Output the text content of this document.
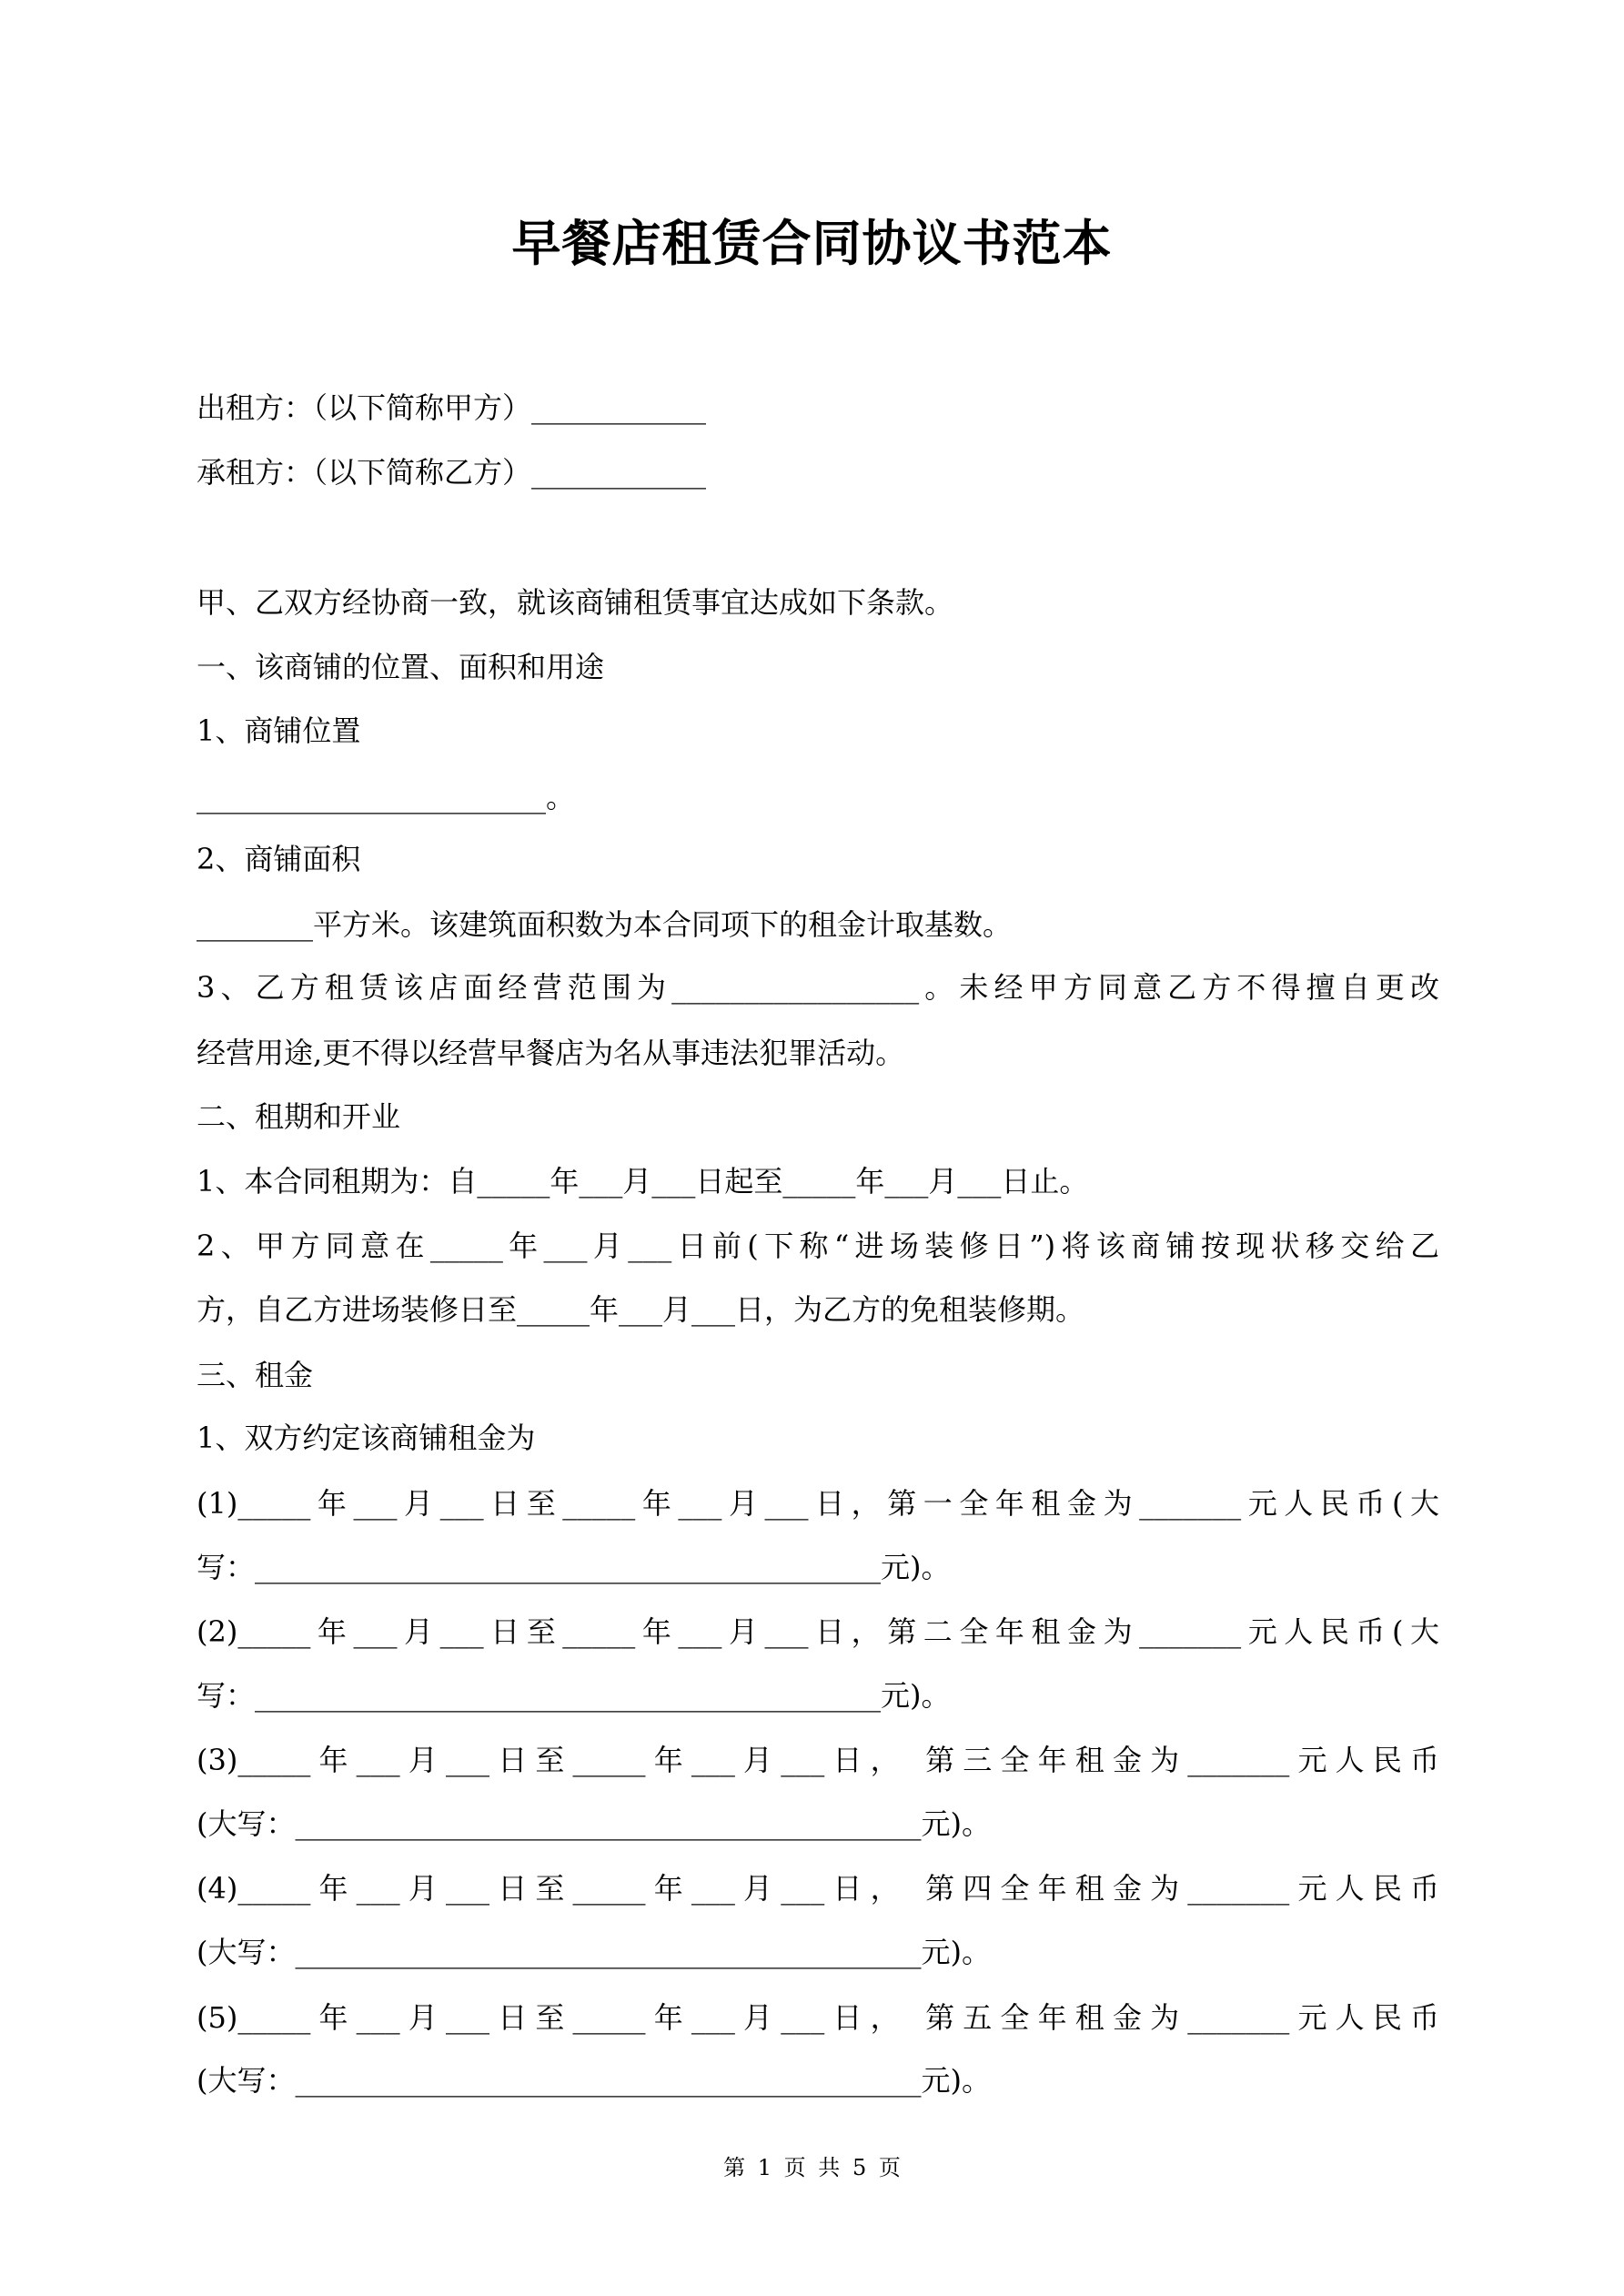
早餐店租赁合同协议书范本
出租方：（以下简称甲方）____________
承租方：（以下简称乙方）____________
甲、乙双方经协商一致，就该商铺租赁事宜达成如下条款。
一、该商铺的位置、面积和用途
1、商铺位置
________________________。
2、商铺面积
________平方米。该建筑面积数为本合同项下的租金计取基数。
3、乙方租赁该店面经营范围为_________________。未经甲方同意乙方不得擅自更改
经营用途,更不得以经营早餐店为名从事违法犯罪活动。
二、租期和开业
1、本合同租期为：自_____年___月___日起至_____年___月___日止。
2、甲方同意在_____年___月___日前(下称“进场装修日”)将该商铺按现状移交给乙
方，自乙方进场装修日至_____年___月___日，为乙方的免租装修期。
三、租金
1、双方约定该商铺租金为
(1)_____年___月___日至_____年___月___日，第一全年租金为_______元人民币(大
写：___________________________________________元)。
(2)_____年___月___日至_____年___月___日，第二全年租金为_______元人民币(大
写：___________________________________________元)。
(3)_____年___月___日至_____年___月___日， 第三全年租金为_______元人民币
(大写：___________________________________________元)。
(4)_____年___月___日至_____年___月___日， 第四全年租金为_______元人民币
(大写：___________________________________________元)。
(5)_____年___月___日至_____年___月___日， 第五全年租金为_______元人民币
(大写：___________________________________________元)。
第 1 页 共 5 页
